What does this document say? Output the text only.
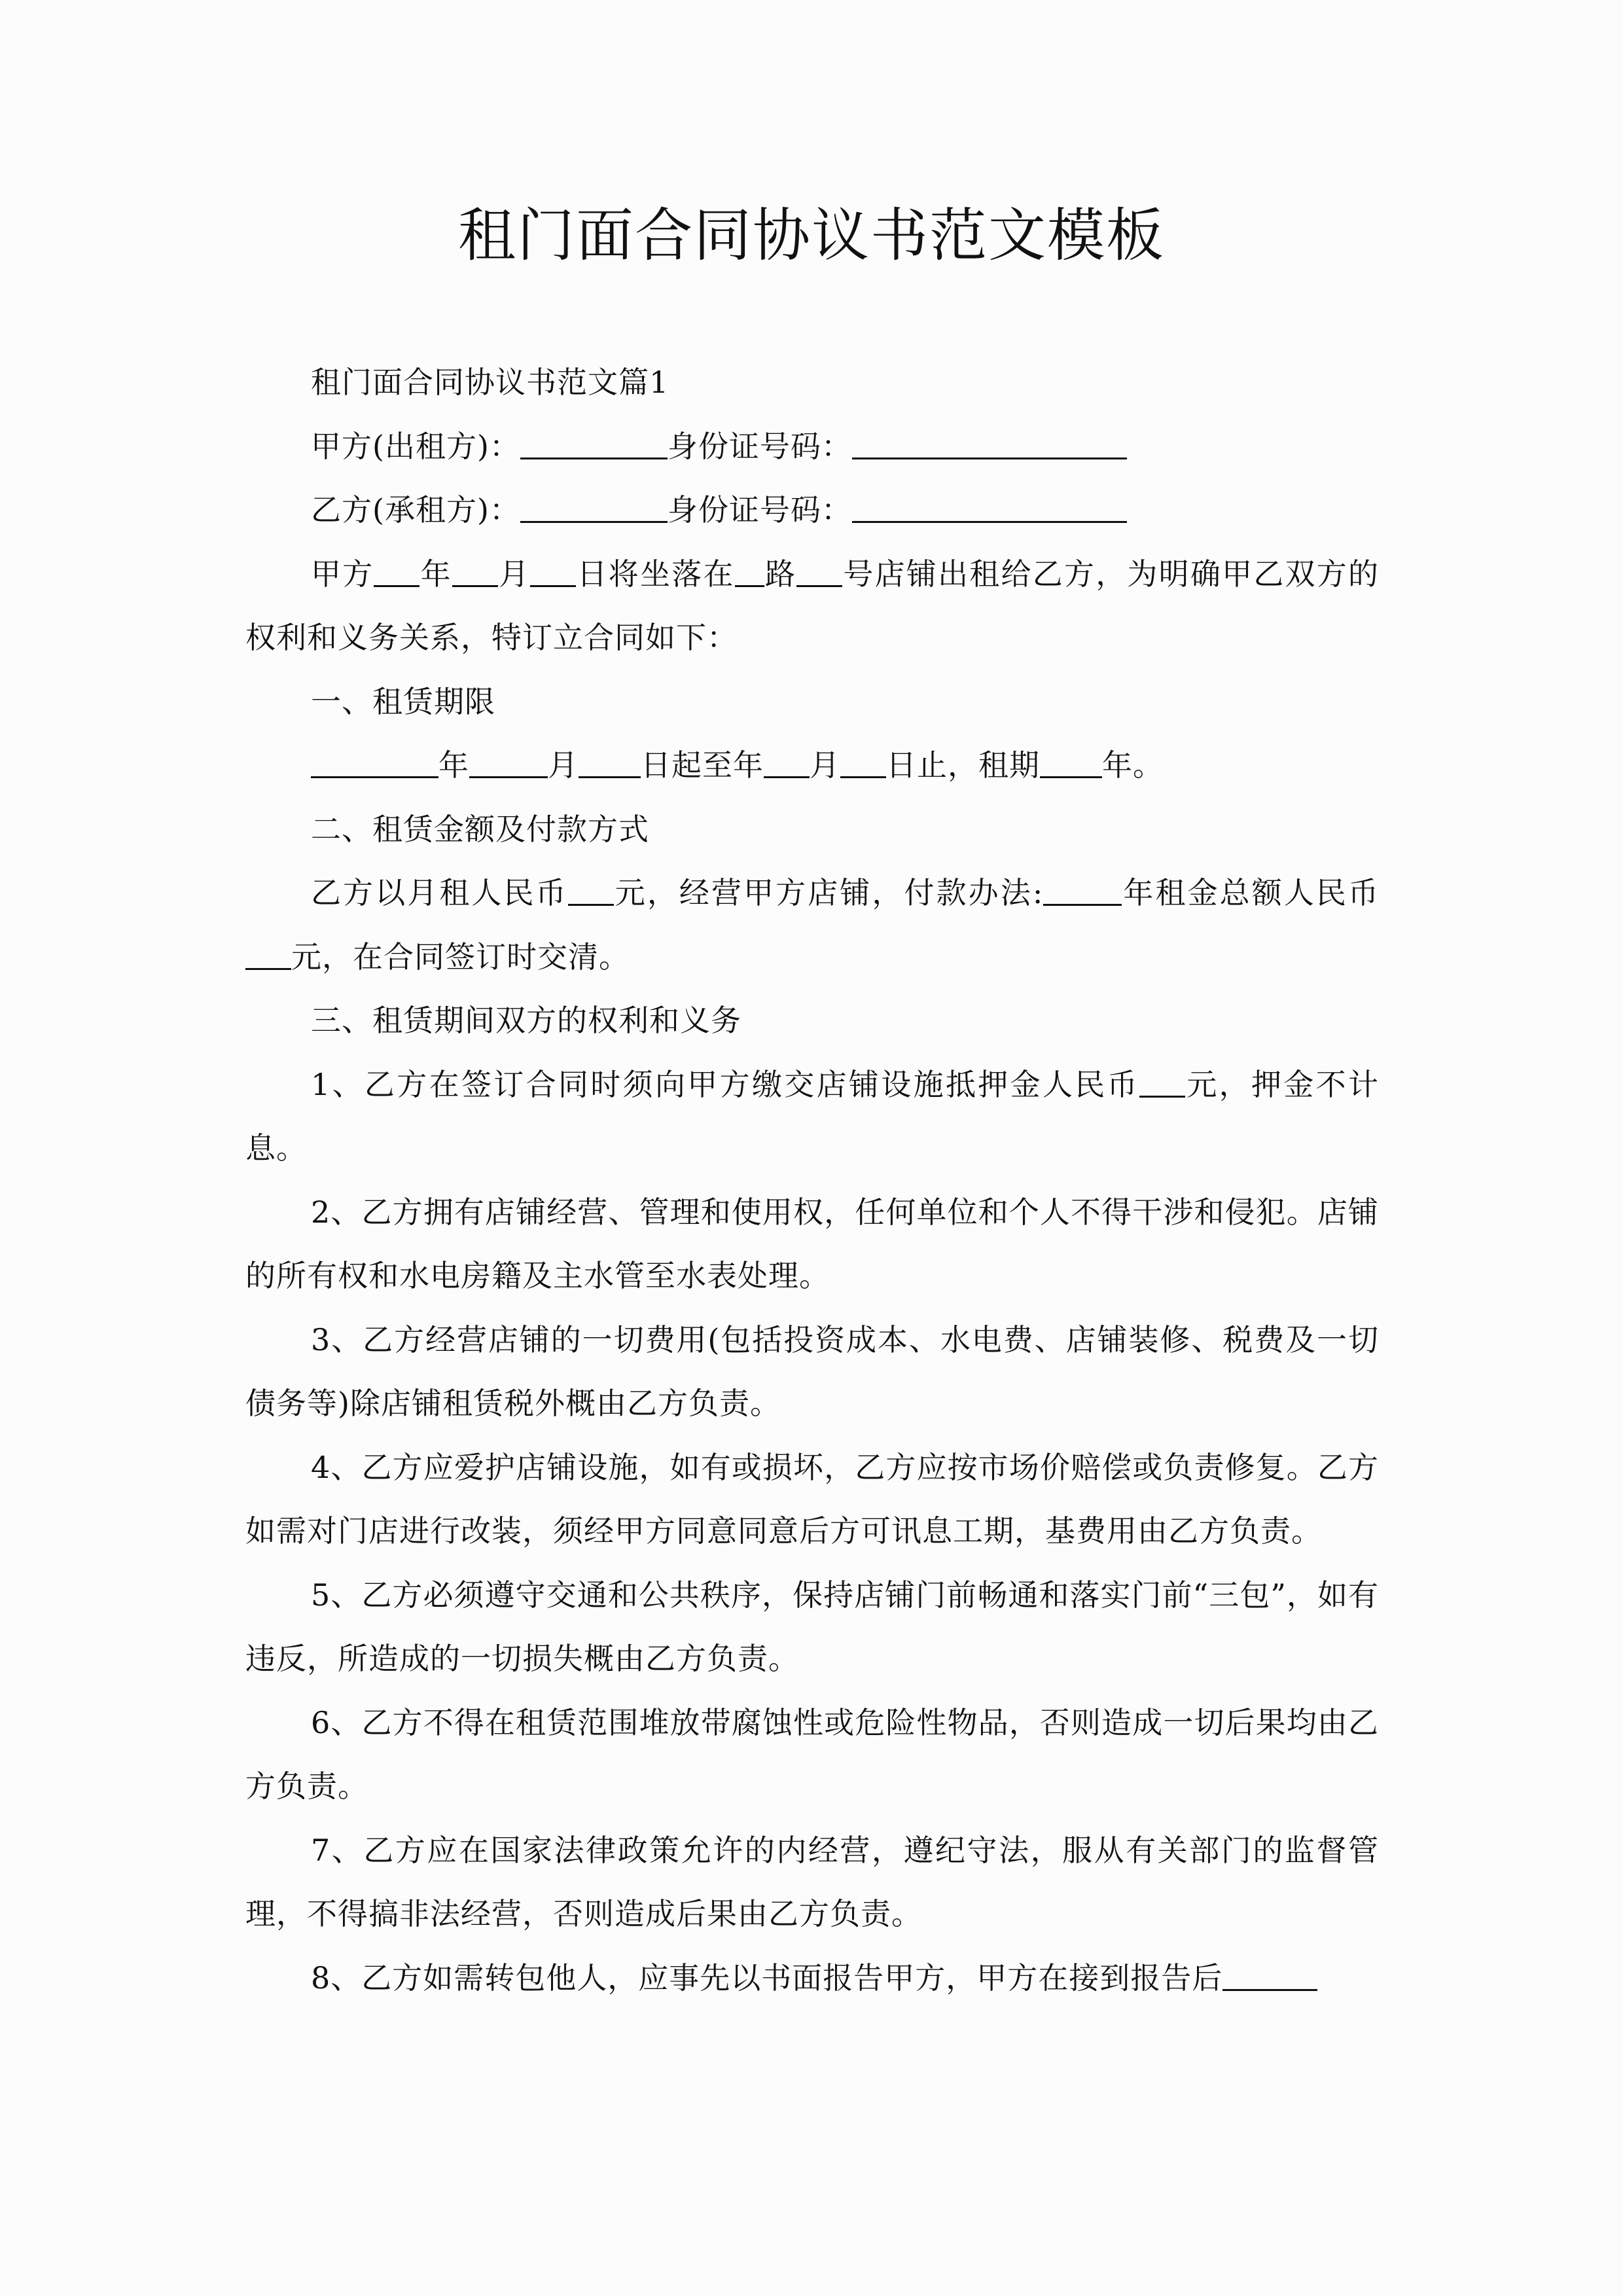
租门面合同协议书范文模板

租门面合同协议书范文篇1

甲方(出租方)：	身份证号码：

乙方(承租方)：	身份证号码：

甲方 年 月 日将坐落在 路 号店铺出租给乙方，为明确甲乙双方的权利和义务关系，特订立合同如下：

一、租赁期限

年	月 日起至年 月 日止，租期 年。

二、租赁金额及付款方式

乙方以月租人民币 元，经营甲方店铺，付款办法:	年租金总额人民币元，在合同签订时交清。

三、租赁期间双方的权利和义务

1、乙方在签订合同时须向甲方缴交店铺设施抵押金人民币 元，押金不计息。

2、乙方拥有店铺经营、管理和使用权，任何单位和个人不得干涉和侵犯。店铺的所有权和水电房籍及主水管至水表处理。

3、乙方经营店铺的一切费用(包括投资成本、水电费、店铺装修、税费及一切债务等)除店铺租赁税外概由乙方负责。

4、乙方应爱护店铺设施，如有或损坏，乙方应按市场价赔偿或负责修复。乙方如需对门店进行改装，须经甲方同意同意后方可讯息工期，基费用由乙方负责。

5、乙方必须遵守交通和公共秩序，保持店铺门前畅通和落实门前“三包”，如有违反，所造成的一切损失概由乙方负责。

6、乙方不得在租赁范围堆放带腐蚀性或危险性物品，否则造成一切后果均由乙方负责。

7、乙方应在国家法律政策允许的内经营，遵纪守法，服从有关部门的监督管理，不得搞非法经营，否则造成后果由乙方负责。

8、乙方如需转包他人，应事先以书面报告甲方，甲方在接到报告后
